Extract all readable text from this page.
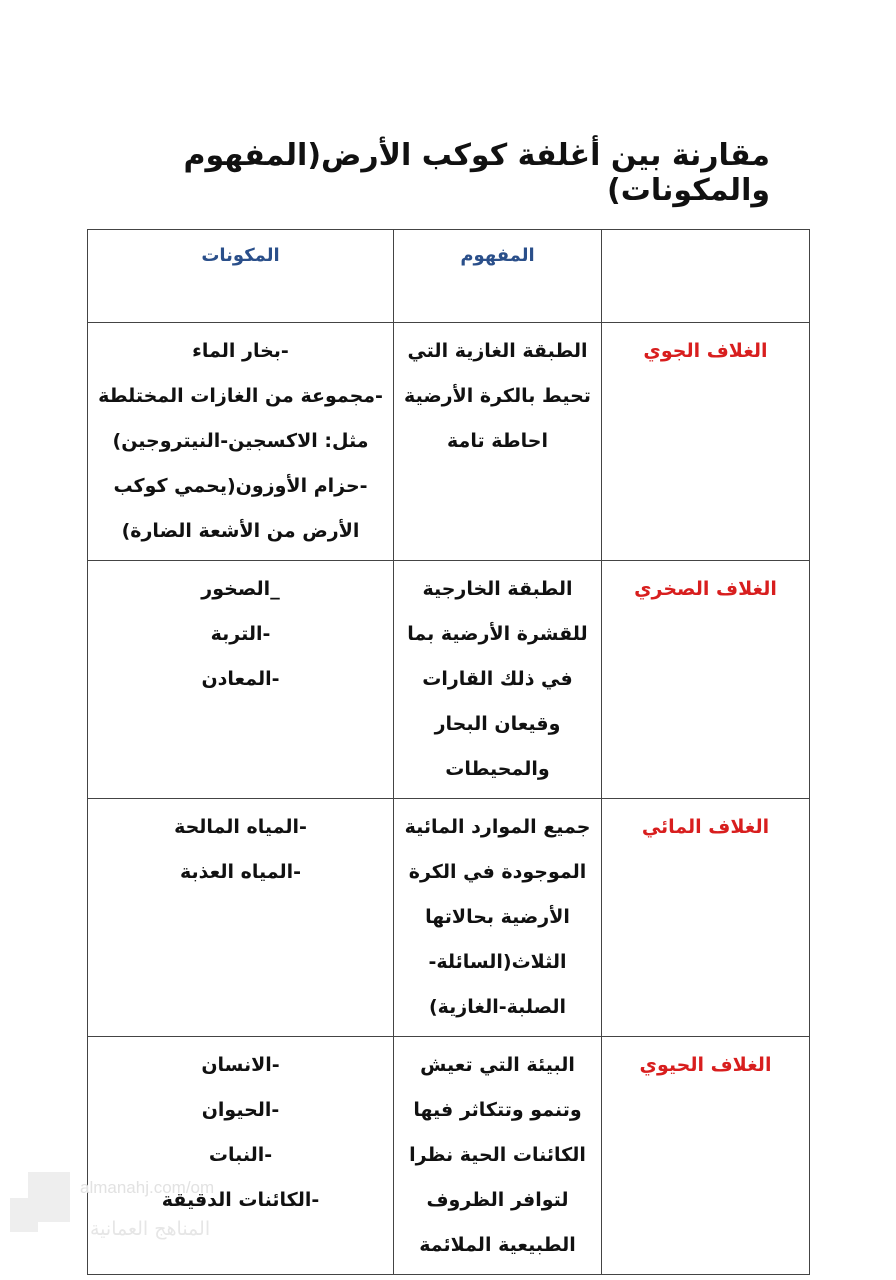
مقارنة بين أغلفة كوكب الأرض(المفهوم والمكونات)
	المفهوم	المكونات
الغلاف الجوي	الطبقة الغازية التي
تحيط بالكرة الأرضية
احاطة تامة	-بخار الماء
-مجموعة من الغازات المختلطة
مثل: الاكسجين-النيتروجين)
-حزام الأوزون(يحمي كوكب
الأرض من الأشعة الضارة)

الغلاف الصخري	الطبقة الخارجية
للقشرة الأرضية بما
في ذلك القارات
وقيعان البحار
والمحيطات	_الصخور
-التربة
-المعادن

الغلاف المائي	جميع الموارد المائية
الموجودة في الكرة
الأرضية بحالاتها
الثلاث(السائلة-
الصلبة-الغازية)	-المياه المالحة
-المياه العذبة

الغلاف الحيوي	البيئة التي تعيش
وتنمو وتتكاثر فيها
الكائنات الحية نظرا
لتوافر الظروف
الطبيعية الملائمة	-الانسان
-الحيوان
-النبات
-الكائنات الدقيقة
almanahj.com/om
المناهج العمانية
